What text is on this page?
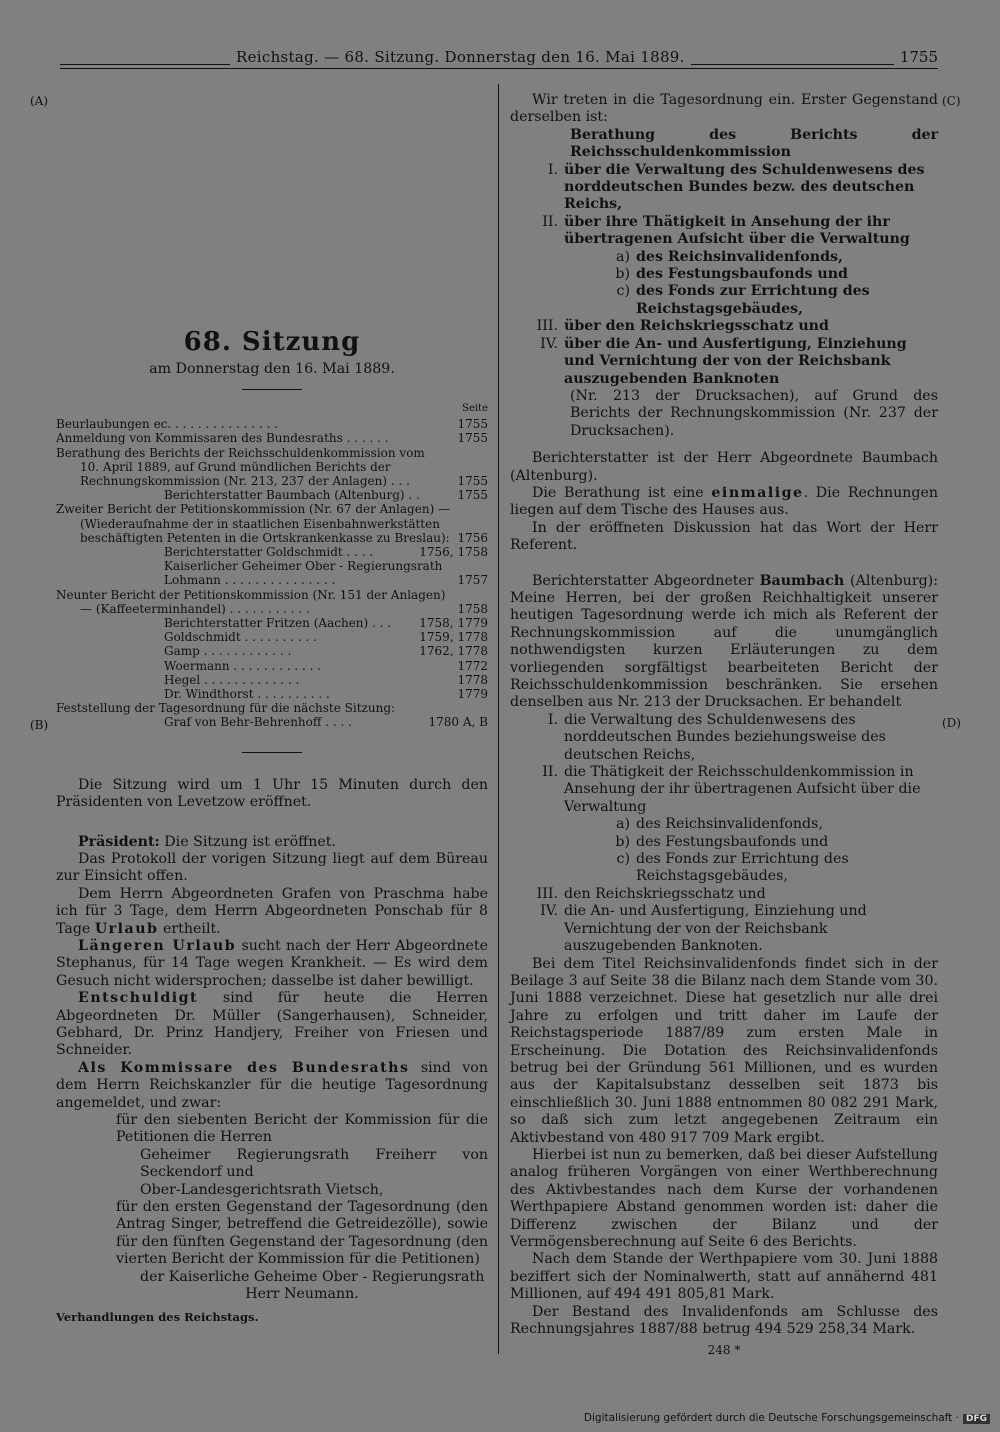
Reichstag. — 68. Sitzung. Donnerstag den 16. Mai 1889.	1755
(A)
(B)
(C)
(D)
68. Sitzung
am Donnerstag den 16. Mai 1889.
Seite
Beurlaubungen ec. . . . . . . . . . . . . . .	1755
Anmeldung von Kommissaren des Bundesraths . . . . . .	1755
Berathung des Berichts der Reichsschuldenkommission vom
10. April 1889, auf Grund mündlichen Berichts der
Rechnungskommission (Nr. 213, 237 der Anlagen) . . .	1755
Berichterstatter Baumbach (Altenburg) . .	1755
Zweiter Bericht der Petitionskommission (Nr. 67 der Anlagen) —
(Wiederaufnahme der in staatlichen Eisenbahnwerkstätten
beschäftigten Petenten in die Ortskrankenkasse zu Breslau): 1756
Berichterstatter Goldschmidt . . . .	1756, 1758
Kaiserlicher Geheimer Ober - Regierungsrath
Lohmann . . . . . . . . . . . . . . .	1757
Neunter Bericht der Petitionskommission (Nr. 151 der Anlagen)
— (Kaffeeterminhandel) . . . . . . . . . . .	1758
Berichterstatter Fritzen (Aachen) . . .	1758, 1779
Goldschmidt . . . . . . . . . .	1759, 1778
Gamp . . . . . . . . . . . .	1762, 1778
Woermann . . . . . . . . . . . .	1772
Hegel . . . . . . . . . . . . .	1778
Dr. Windthorst . . . . . . . . . .	1779
Feststellung der Tagesordnung für die nächste Sitzung:
Graf von Behr-Behrenhoff . . . .	1780 A, B

Die Sitzung wird um 1 Uhr 15 Minuten durch den Präsidenten von Levetzow eröffnet.

Präsident: Die Sitzung ist eröffnet.

Das Protokoll der vorigen Sitzung liegt auf dem Büreau zur Einsicht offen.

Dem Herrn Abgeordneten Grafen von Praschma habe ich für 3 Tage, dem Herrn Abgeordneten Ponschab für 8 Tage Urlaub ertheilt.

Längeren Urlaub sucht nach der Herr Abgeordnete Stephanus, für 14 Tage wegen Krankheit. — Es wird dem Gesuch nicht widersprochen; dasselbe ist daher bewilligt.

Entschuldigt sind für heute die Herren Abgeordneten Dr. Müller (Sangerhausen), Schneider, Gebhard, Dr. Prinz Handjery, Freiher von Friesen und Schneider.

Als Kommissare des Bundesraths sind von dem Herrn Reichskanzler für die heutige Tagesordnung angemeldet, und zwar:

für den siebenten Bericht der Kommission für die Petitionen die Herren

Geheimer Regierungsrath Freiherr von Seckendorf und

Ober-Landesgerichtsrath Vietsch,

für den ersten Gegenstand der Tagesordnung (den Antrag Singer, betreffend die Getreidezölle), sowie für den fünften Gegenstand der Tagesordnung (den vierten Bericht der Kommission für die Petitionen)

der Kaiserliche Geheime Ober - Regierungsrath

Herr Neumann.

Verhandlungen des Reichstags.

Wir treten in die Tagesordnung ein. Erster Gegenstand derselben ist:

Berathung des Berichts der Reichsschuldenkommission

I. über die Verwaltung des Schuldenwesens des norddeutschen Bundes bezw. des deutschen Reichs,
II. über ihre Thätigkeit in Ansehung der ihr übertragenen Aufsicht über die Verwaltung
a) des Reichsinvalidenfonds,
b) des Festungsbaufonds und
c) des Fonds zur Errichtung des Reichstagsgebäudes,
III. über den Reichskriegsschatz und
IV. über die An- und Ausfertigung, Einziehung und Vernichtung der von der Reichsbank auszugebenden Banknoten

(Nr. 213 der Drucksachen), auf Grund des Berichts der Rechnungskommission (Nr. 237 der Drucksachen).

Berichterstatter ist der Herr Abgeordnete Baumbach (Altenburg).

Die Berathung ist eine einmalige. Die Rechnungen liegen auf dem Tische des Hauses aus.

In der eröffneten Diskussion hat das Wort der Herr Referent.

Berichterstatter Abgeordneter Baumbach (Altenburg): Meine Herren, bei der großen Reichhaltigkeit unserer heutigen Tagesordnung werde ich mich als Referent der Rechnungskommission auf die unumgänglich nothwendigsten kurzen Erläuterungen zu dem vorliegenden sorgfältigst bearbeiteten Bericht der Reichsschuldenkommission beschränken. Sie ersehen denselben aus Nr. 213 der Drucksachen. Er behandelt

I. die Verwaltung des Schuldenwesens des norddeutschen Bundes beziehungsweise des deutschen Reichs,
II. die Thätigkeit der Reichsschuldenkommission in Ansehung der ihr übertragenen Aufsicht über die Verwaltung
a) des Reichsinvalidenfonds,
b) des Festungsbaufonds und
c) des Fonds zur Errichtung des Reichstagsgebäudes,
III. den Reichskriegsschatz und
IV. die An- und Ausfertigung, Einziehung und Vernichtung der von der Reichsbank auszugebenden Banknoten.

Bei dem Titel Reichsinvalidenfonds findet sich in der Beilage 3 auf Seite 38 die Bilanz nach dem Stande vom 30. Juni 1888 verzeichnet. Diese hat gesetzlich nur alle drei Jahre zu erfolgen und tritt daher im Laufe der Reichstagsperiode 1887/89 zum ersten Male in Erscheinung. Die Dotation des Reichsinvalidenfonds betrug bei der Gründung 561 Millionen, und es wurden aus der Kapitalsubstanz desselben seit 1873 bis einschließlich 30. Juni 1888 entnommen 80 082 291 Mark, so daß sich zum letzt angegebenen Zeitraum ein Aktivbestand von 480 917 709 Mark ergibt.

Hierbei ist nun zu bemerken, daß bei dieser Aufstellung analog früheren Vorgängen von einer Werthberechnung des Aktivbestandes nach dem Kurse der vorhandenen Werthpapiere Abstand genommen worden ist: daher die Differenz zwischen der Bilanz und der Vermögensberechnung auf Seite 6 des Berichts.

Nach dem Stande der Werthpapiere vom 30. Juni 1888 beziffert sich der Nominalwerth, statt auf annähernd 481 Millionen, auf 494 491 805,81 Mark.

Der Bestand des Invalidenfonds am Schlusse des Rechnungsjahres 1887/88 betrug 494 529 258,34 Mark.

248 *
Digitalisierung gefördert durch die Deutsche Forschungsgemeinschaft · DFG
